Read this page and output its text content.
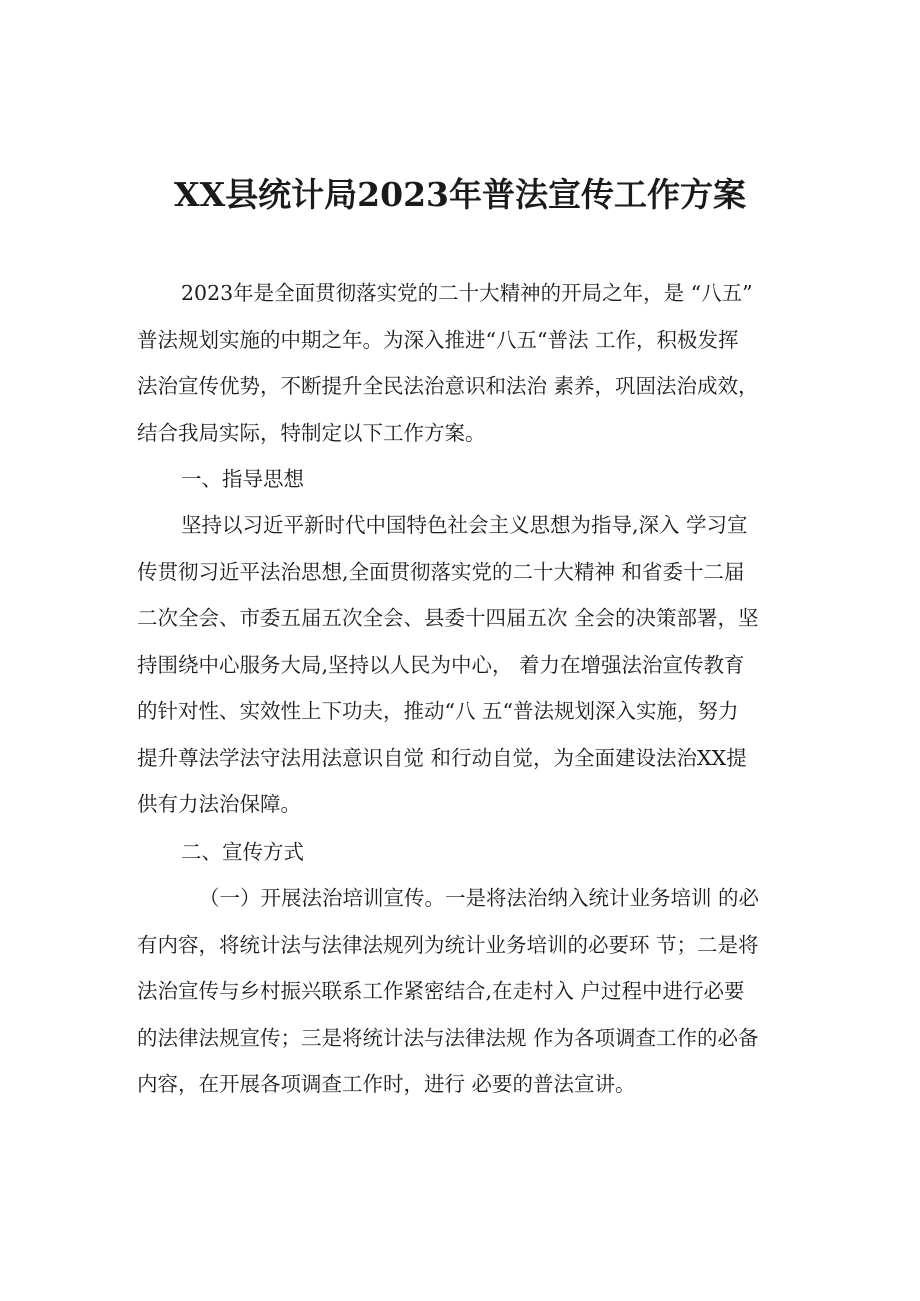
XX县统计局2023年普法宣传工作方案
2023年是全面贯彻落实党的二十大精神的开局之年，是 “八五”
普法规划实施的中期之年。为深入推进“八五“普法 工作，积极发挥
法治宣传优势，不断提升全民法治意识和法治 素养，巩固法治成效，
结合我局实际，特制定以下工作方案。
一、指导思想
坚持以习近平新时代中国特色社会主义思想为指导,深入 学习宣
传贯彻习近平法治思想,全面贯彻落实党的二十大精神 和省委十二届
二次全会、市委五届五次全会、县委十四届五次 全会的决策部署，坚
持围绕中心服务大局,坚持以人民为中心， 着力在增强法治宣传教育
的针对性、实效性上下功夫，推动“八 五“普法规划深入实施，努力
提升尊法学法守法用法意识自觉 和行动自觉，为全面建设法治XX提
供有力法治保障。
二、宣传方式
（一）开展法治培训宣传。一是将法治纳入统计业务培训 的必
有内容，将统计法与法律法规列为统计业务培训的必要环 节；二是将
法治宣传与乡村振兴联系工作紧密结合,在走村入 户过程中进行必要
的法律法规宣传；三是将统计法与法律法规 作为各项调查工作的必备
内容，在开展各项调查工作时，进行 必要的普法宣讲。
